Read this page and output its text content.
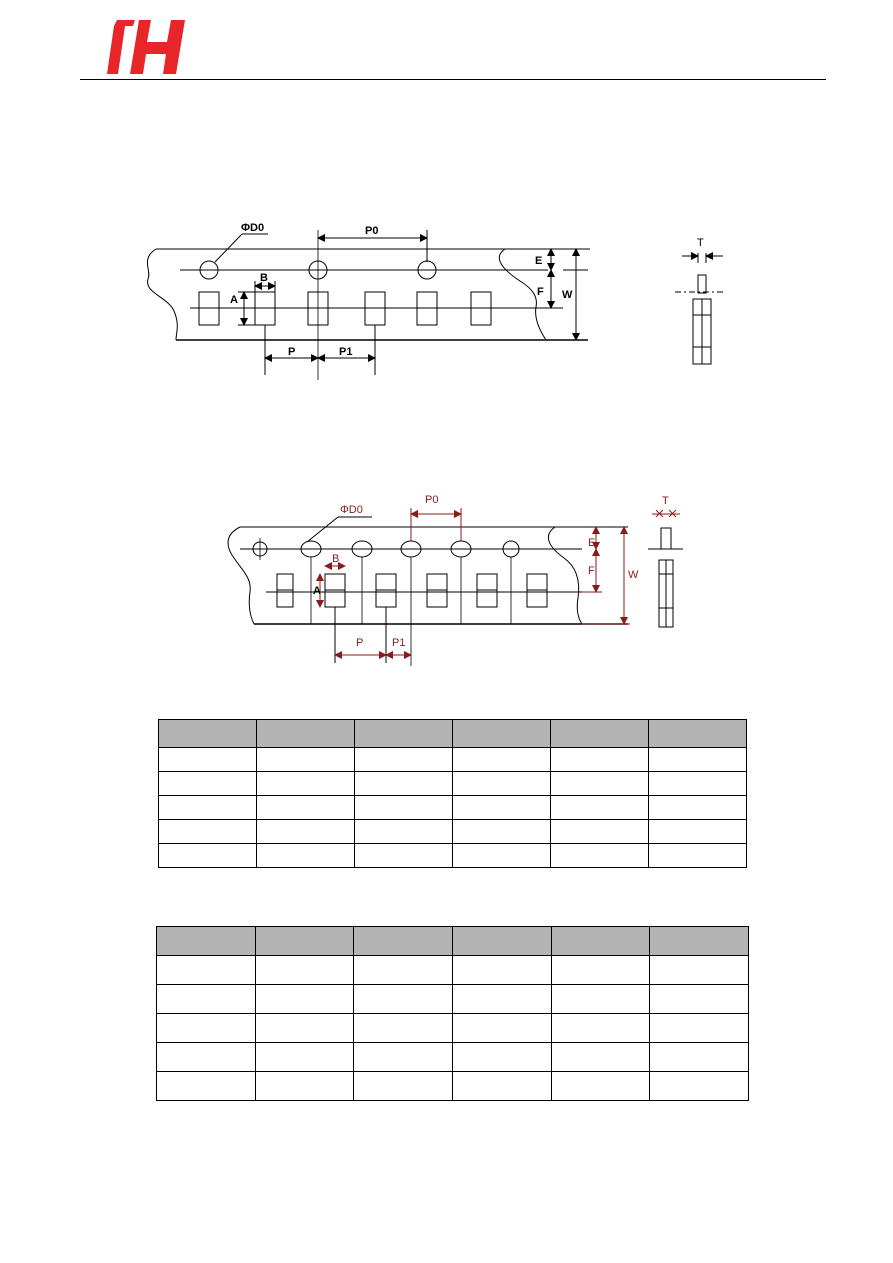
ΦD0	P0
B
A
P	P1
E
F W
T
ΦD0
P0
B
A
P	P1
E
F	W
T
